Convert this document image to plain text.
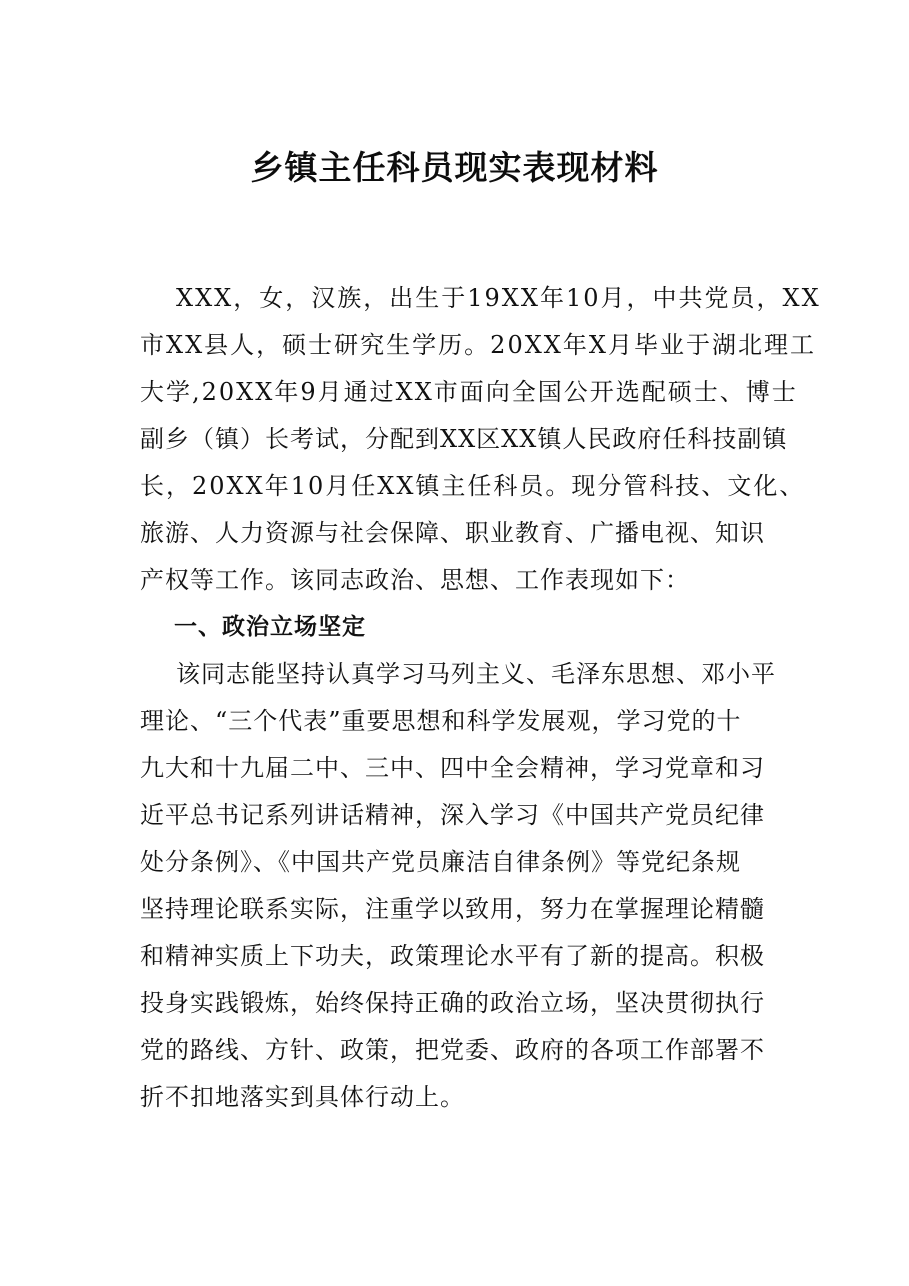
乡镇主任科员现实表现材料
XXX，女，汉族，出生于19XX年10月，中共党员，XX
市XX县人，硕士研究生学历。20XX年X月毕业于湖北理工
大学,20XX年9月通过XX市面向全国公开选配硕士、博士
副乡（镇）长考试，分配到XX区XX镇人民政府任科技副镇
长，20XX年10月任XX镇主任科员。现分管科技、文化、
旅游、人力资源与社会保障、职业教育、广播电视、知识
产权等工作。该同志政治、思想、工作表现如下：
一、政治立场坚定
该同志能坚持认真学习马列主义、毛泽东思想、邓小平
理论、“三个代表”重要思想和科学发展观，学习党的十
九大和十九届二中、三中、四中全会精神，学习党章和习
近平总书记系列讲话精神，深入学习《中国共产党员纪律
处分条例》、《中国共产党员廉洁自律条例》等党纪条规
坚持理论联系实际，注重学以致用，努力在掌握理论精髓
和精神实质上下功夫，政策理论水平有了新的提高。积极
投身实践锻炼，始终保持正确的政治立场，坚决贯彻执行
党的路线、方针、政策，把党委、政府的各项工作部署不
折不扣地落实到具体行动上。
